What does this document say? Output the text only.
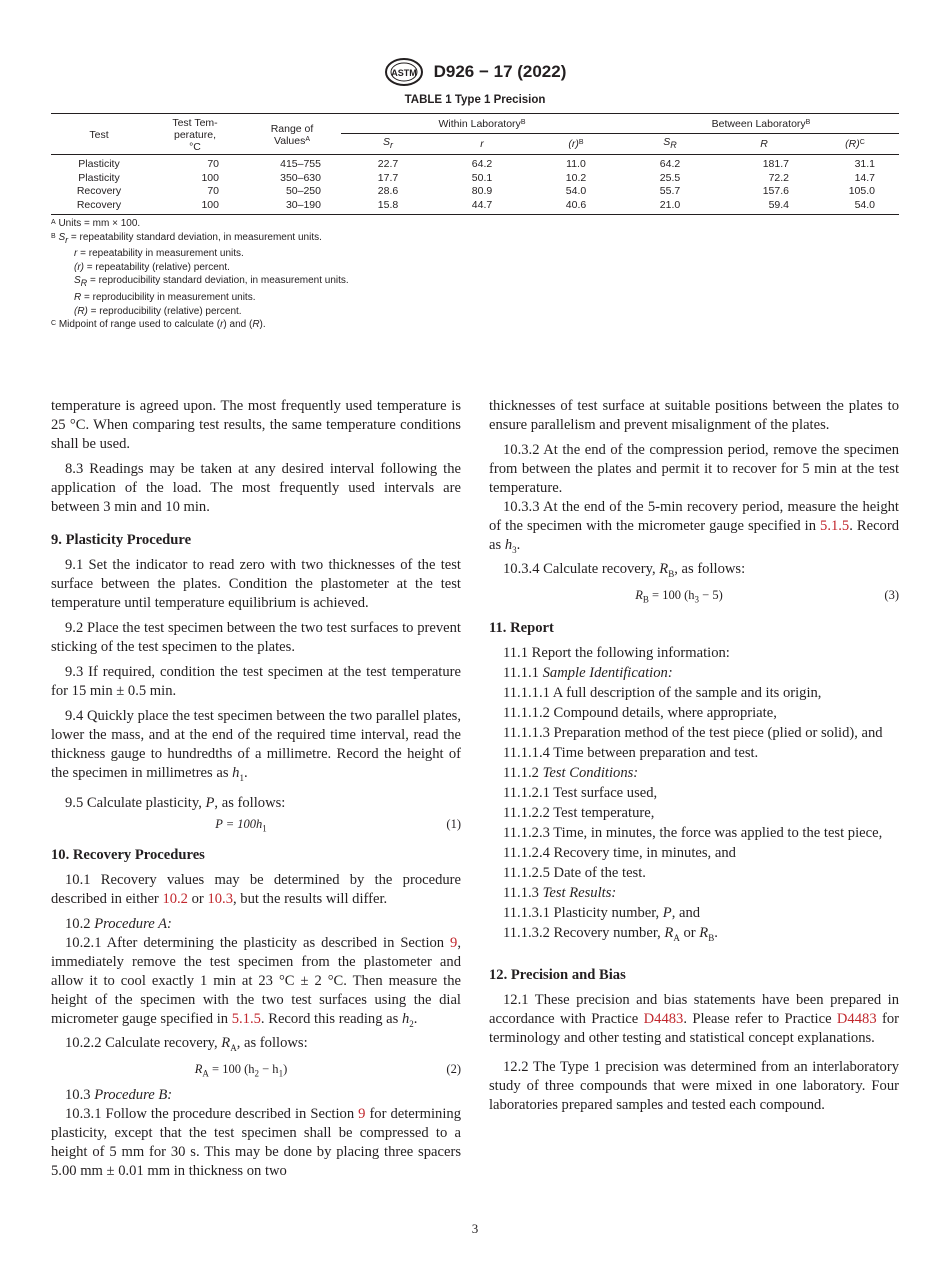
ASTM D926 − 17 (2022)
TABLE 1 Type 1 Precision
Test	Test Tem-perature, °C	Range of Values$^A$	Within Laboratory$^B$			Between Laboratory$^B$
			$S_r$	r	(r)$^B$	$S_R$	R	(R)$^C$
Plasticity	70	415–755	22.7	64.2	11.0	64.2	181.7	31.1
Plasticity	100	350–630	17.7	50.1	10.2	25.5	72.2	14.7
Recovery	70	50–250	28.6	80.9	54.0	55.7	157.6	105.0
Recovery	100	30–190	15.8	44.7	40.6	21.0	59.4	54.0
$^A$ Units = mm × 100.
$^B$ $S_r$ = repeatability standard deviation, in measurement units.
r = repeatability in measurement units.
(r) = repeatability (relative) percent.
$S_R$ = reproducibility standard deviation, in measurement units.
R = reproducibility in measurement units.
(R) = reproducibility (relative) percent.
$^C$ Midpoint of range used to calculate (r) and (R).

temperature is agreed upon. The most frequently used temperature is 25 °C. When comparing test results, the same temperature conditions shall be used.

8.3 Readings may be taken at any desired interval following the application of the load. The most frequently used intervals are between 3 min and 10 min.

9. Plasticity Procedure

9.1 Set the indicator to read zero with two thicknesses of the test surface between the plates. Condition the plastometer at the test temperature until temperature equilibrium is achieved.

9.2 Place the test specimen between the two test surfaces to prevent sticking of the test specimen to the plates.

9.3 If required, condition the test specimen at the test temperature for 15 min ± 0.5 min.

9.4 Quickly place the test specimen between the two parallel plates, lower the mass, and at the end of the required time interval, read the thickness gauge to hundredths of a millimetre. Record the height of the specimen in millimetres as $h_1$.

9.5 Calculate plasticity, P, as follows:

$P = 100h_1$	(1)
10. Recovery Procedures

10.1 Recovery values may be determined by the procedure described in either 10.2 or 10.3, but the results will differ.

10.2 Procedure A:

10.2.1 After determining the plasticity as described in Section 9, immediately remove the test specimen from the plastometer and allow it to cool exactly 1 min at 23 °C ± 2 °C. Then measure the height of the specimen with the two test surfaces using the dial micrometer gauge specified in 5.1.5. Record this reading as $h_2$.

10.2.2 Calculate recovery, $R_A$, as follows:

$R_A = 100$ $(h_2 - h_1)$	(2)

10.3 Procedure B:

10.3.1 Follow the procedure described in Section 9 for determining plasticity, except that the test specimen shall be compressed to a height of 5 mm for 30 s. This may be done by placing three spacers 5.00 mm ± 0.01 mm in thickness on two

thicknesses of test surface at suitable positions between the plates to ensure parallelism and prevent misalignment of the plates.

10.3.2 At the end of the compression period, remove the specimen from between the plates and permit it to recover for 5 min at the test temperature.

10.3.3 At the end of the 5-min recovery period, measure the height of the specimen with the micrometer gauge specified in 5.1.5. Record as $h_3$.

10.3.4 Calculate recovery, $R_B$, as follows:

$R_B = 100$ $(h_3 - 5)$	(3)
11. Report

11.1 Report the following information:

11.1.1 Sample Identification:

11.1.1.1 A full description of the sample and its origin,

11.1.1.2 Compound details, where appropriate,

11.1.1.3 Preparation method of the test piece (plied or solid), and

11.1.1.4 Time between preparation and test.

11.1.2 Test Conditions:

11.1.2.1 Test surface used,

11.1.2.2 Test temperature,

11.1.2.3 Time, in minutes, the force was applied to the test piece,

11.1.2.4 Recovery time, in minutes, and

11.1.2.5 Date of the test.

11.1.3 Test Results:

11.1.3.1 Plasticity number, P, and

11.1.3.2 Recovery number, $R_A$ or $R_B$.

12. Precision and Bias

12.1 These precision and bias statements have been prepared in accordance with Practice D4483. Please refer to Practice D4483 for terminology and other testing and statistical concept explanations.

12.2 The Type 1 precision was determined from an interlaboratory study of three compounds that were mixed in one laboratory. Four laboratories prepared samples and tested each compound.

3
